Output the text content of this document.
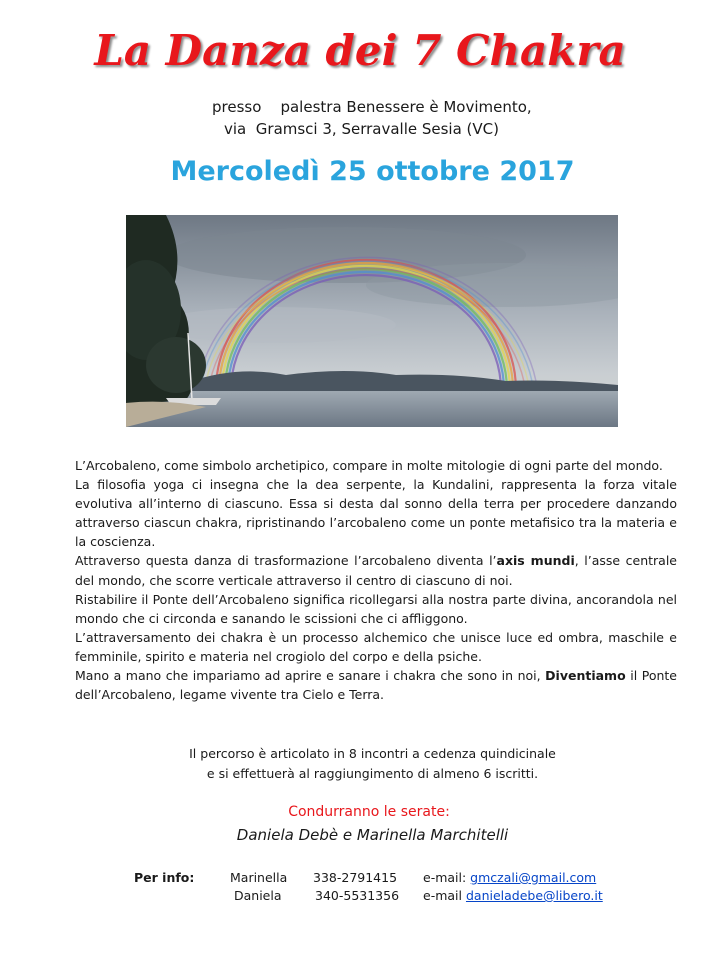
La Danza dei 7 Chakra
presso    palestra Benessere è Movimento,
via  Gramsci 3, Serravalle Sesia (VC)
Mercoledì 25 ottobre 2017

L’Arcobaleno, come simbolo archetipico, compare in molte mitologie di ogni parte del mondo.

La filosofia yoga ci insegna che la dea serpente, la Kundalini, rappresenta la forza vitale evolutiva all’interno di ciascuno. Essa si desta dal sonno della terra per procedere danzando attraverso ciascun chakra, ripristinando l’arcobaleno come un ponte metafisico tra la materia e la coscienza.

Attraverso questa danza di trasformazione l’arcobaleno diventa l’axis mundi, l’asse centrale del mondo, che scorre verticale attraverso il centro di ciascuno di noi.

Ristabilire il Ponte dell’Arcobaleno significa ricollegarsi alla nostra parte divina, ancorandola nel mondo che ci circonda e sanando le scissioni che ci affliggono.

L’attraversamento dei chakra è un processo alchemico che unisce luce ed ombra, maschile e femminile, spirito e materia nel crogiolo del corpo e della psiche.

Mano a mano che impariamo ad aprire e sanare i chakra che sono in noi, Diventiamo il Ponte dell’Arcobaleno, legame vivente tra Cielo e Terra.

Il percorso è articolato in 8 incontri a cedenza quindicinale
e si effettuerà al raggiungimento di almeno 6 iscritti.
Condurranno le serate:
Daniela Debè e Marinella Marchitelli
Per info:	Marinella 338-2791415 e-mail: gmczali@gmail.com
Daniela	340-5531356 e-mail danieladebe@libero.it
